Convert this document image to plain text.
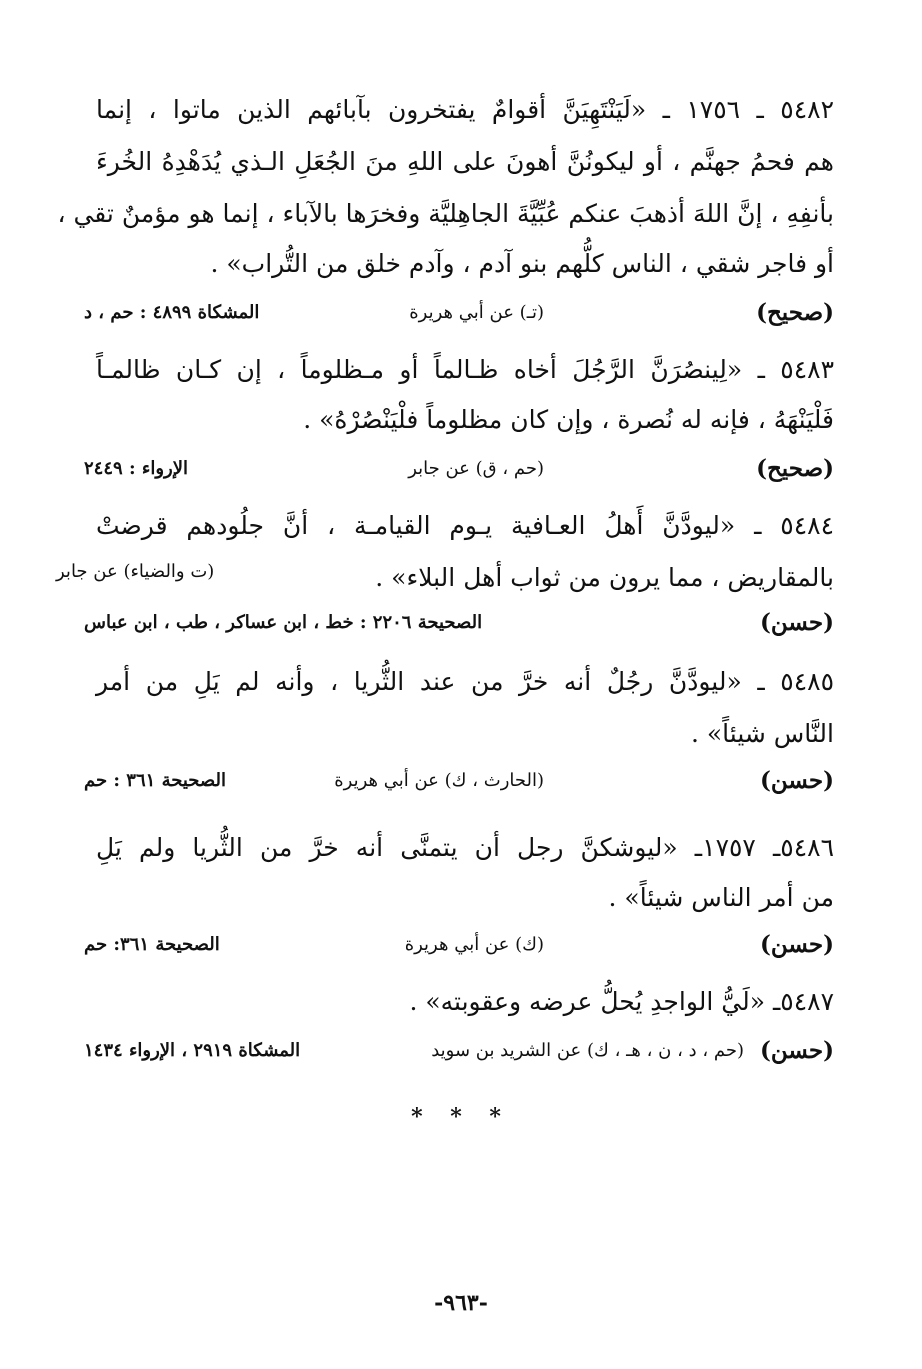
٥٤٨٢ ـ ١٧٥٦ ـ «لَيَنْتَهِيَنَّ أقوامٌ يفتخرون بآبائهم الذين ماتوا ، إنما
هم فحمُ جهنَّم ، أو ليكونُنَّ أهونَ على اللهِ منَ الجُعَلِ الـذي يُدَهْدِهُ الخُرءَ
بأنفِهِ ، إنَّ اللهَ أذهبَ عنكم عُبِّيَّةَ الجاهِليَّة وفخرَها بالآباء ، إنما هو مؤمنٌ تقي ،
أو فاجر شقي ، الناس كلُّهم بنو آدم ، وآدم خلق من التُّراب» .
(صحيح)
(تـ) عن أبي هريرة
المشكاة ٤٨٩٩ : حم ، د
٥٤٨٣ ـ «لِينصُرَنَّ الرَّجُلَ أخاه ظـالماً أو مـظلوماً ، إن كـان ظالمـاً
فَلْيَنْهَهُ ، فإنه له نُصرة ، وإن كان مظلوماً فلْيَنْصُرْهُ» .
(صحيح)
(حم ، ق) عن جابر
الإرواء : ٢٤٤٩
٥٤٨٤ ـ «ليودَّنَّ أَهلُ العـافية يـوم القيامـة ، أنَّ جلُودهم قرضتْ
بالمقاريض ، مما يرون من ثواب أهل البلاء» .
(ت والضياء) عن جابر
(حسن)
الصحيحة ٢٢٠٦ : خط ، ابن عساكر ، طب ، ابن عباس
٥٤٨٥ ـ «ليودَّنَّ رجُلٌ أنه خرَّ من عند الثُّريا ، وأنه لم يَلِ من أمر
النَّاس شيئاً» .
(حسن)
(الحارث ، ك) عن أبي هريرة
الصحيحة ٣٦١ : حم
٥٤٨٦ـ ١٧٥٧ـ «ليوشكنَّ رجل أن يتمنَّى أنه خرَّ من الثُّريا ولم يَلِ
من أمر الناس شيئاً» .
(حسن)
(ك) عن أبي هريرة
الصحيحة ٣٦١: حم
٥٤٨٧ـ «لَيُّ الواجدِ يُحلُّ عرضه وعقوبته» .
(حسن)
(حم ، د ، ن ، هـ ، ك) عن الشريد بن سويد
المشكاة ٢٩١٩ ، الإرواء ١٤٣٤
* * *
-٩٦٣-
